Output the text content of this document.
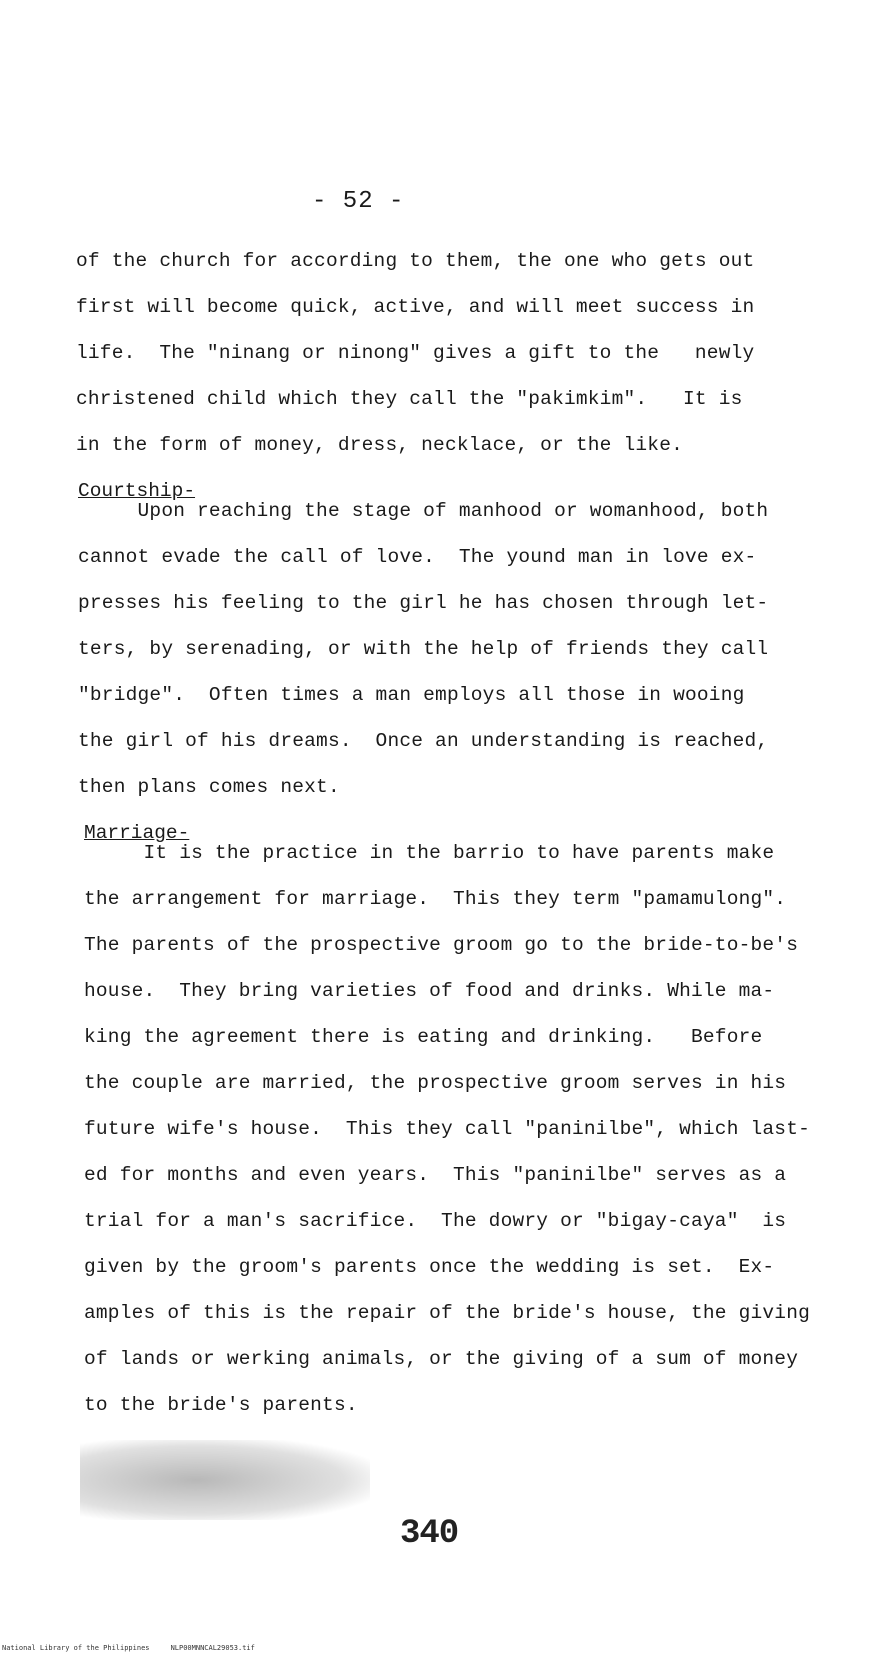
- 52 -
of the church for according to them, the one who gets out
first will become quick, active, and will meet success in
life.  The "ninang or ninong" gives a gift to the   newly
christened child which they call the "pakimkim".   It is
in the form of money, dress, necklace, or the like.
Courtship-
Upon reaching the stage of manhood or womanhood, both
cannot evade the call of love.  The yound man in love ex-
presses his feeling to the girl he has chosen through let-
ters, by serenading, or with the help of friends they call
"bridge".  Often times a man employs all those in wooing
the girl of his dreams.  Once an understanding is reached,
then plans comes next.
Marriage-
It is the practice in the barrio to have parents make
the arrangement for marriage.  This they term "pamamulong".
The parents of the prospective groom go to the bride-to-be's
house.  They bring varieties of food and drinks. While ma-
king the agreement there is eating and drinking.   Before
the couple are married, the prospective groom serves in his
future wife's house.  This they call "paninilbe", which last-
ed for months and even years.  This "paninilbe" serves as a
trial for a man's sacrifice.  The dowry or "bigay-caya"  is
given by the groom's parents once the wedding is set.  Ex-
amples of this is the repair of the bride's house, the giving
of lands or werking animals, or the giving of a sum of money
to the bride's parents.
340
National Library of the Philippines     NLP00MNNCAL29053.tif
